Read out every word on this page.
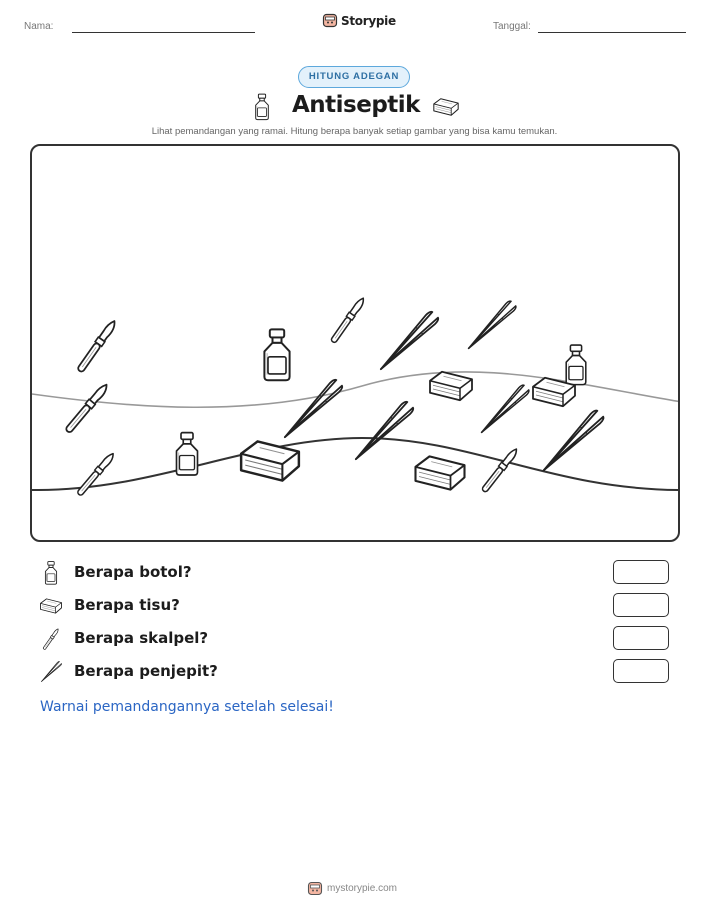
Nama:	Storypie	Tanggal:
HITUNG ADEGAN
Antiseptik
Lihat pemandangan yang ramai. Hitung berapa banyak setiap gambar yang bisa kamu temukan.
Berapa botol?
Berapa tisu?
Berapa skalpel?
Berapa penjepit?
Warnai pemandangannya setelah selesai!
mystorypie.com
